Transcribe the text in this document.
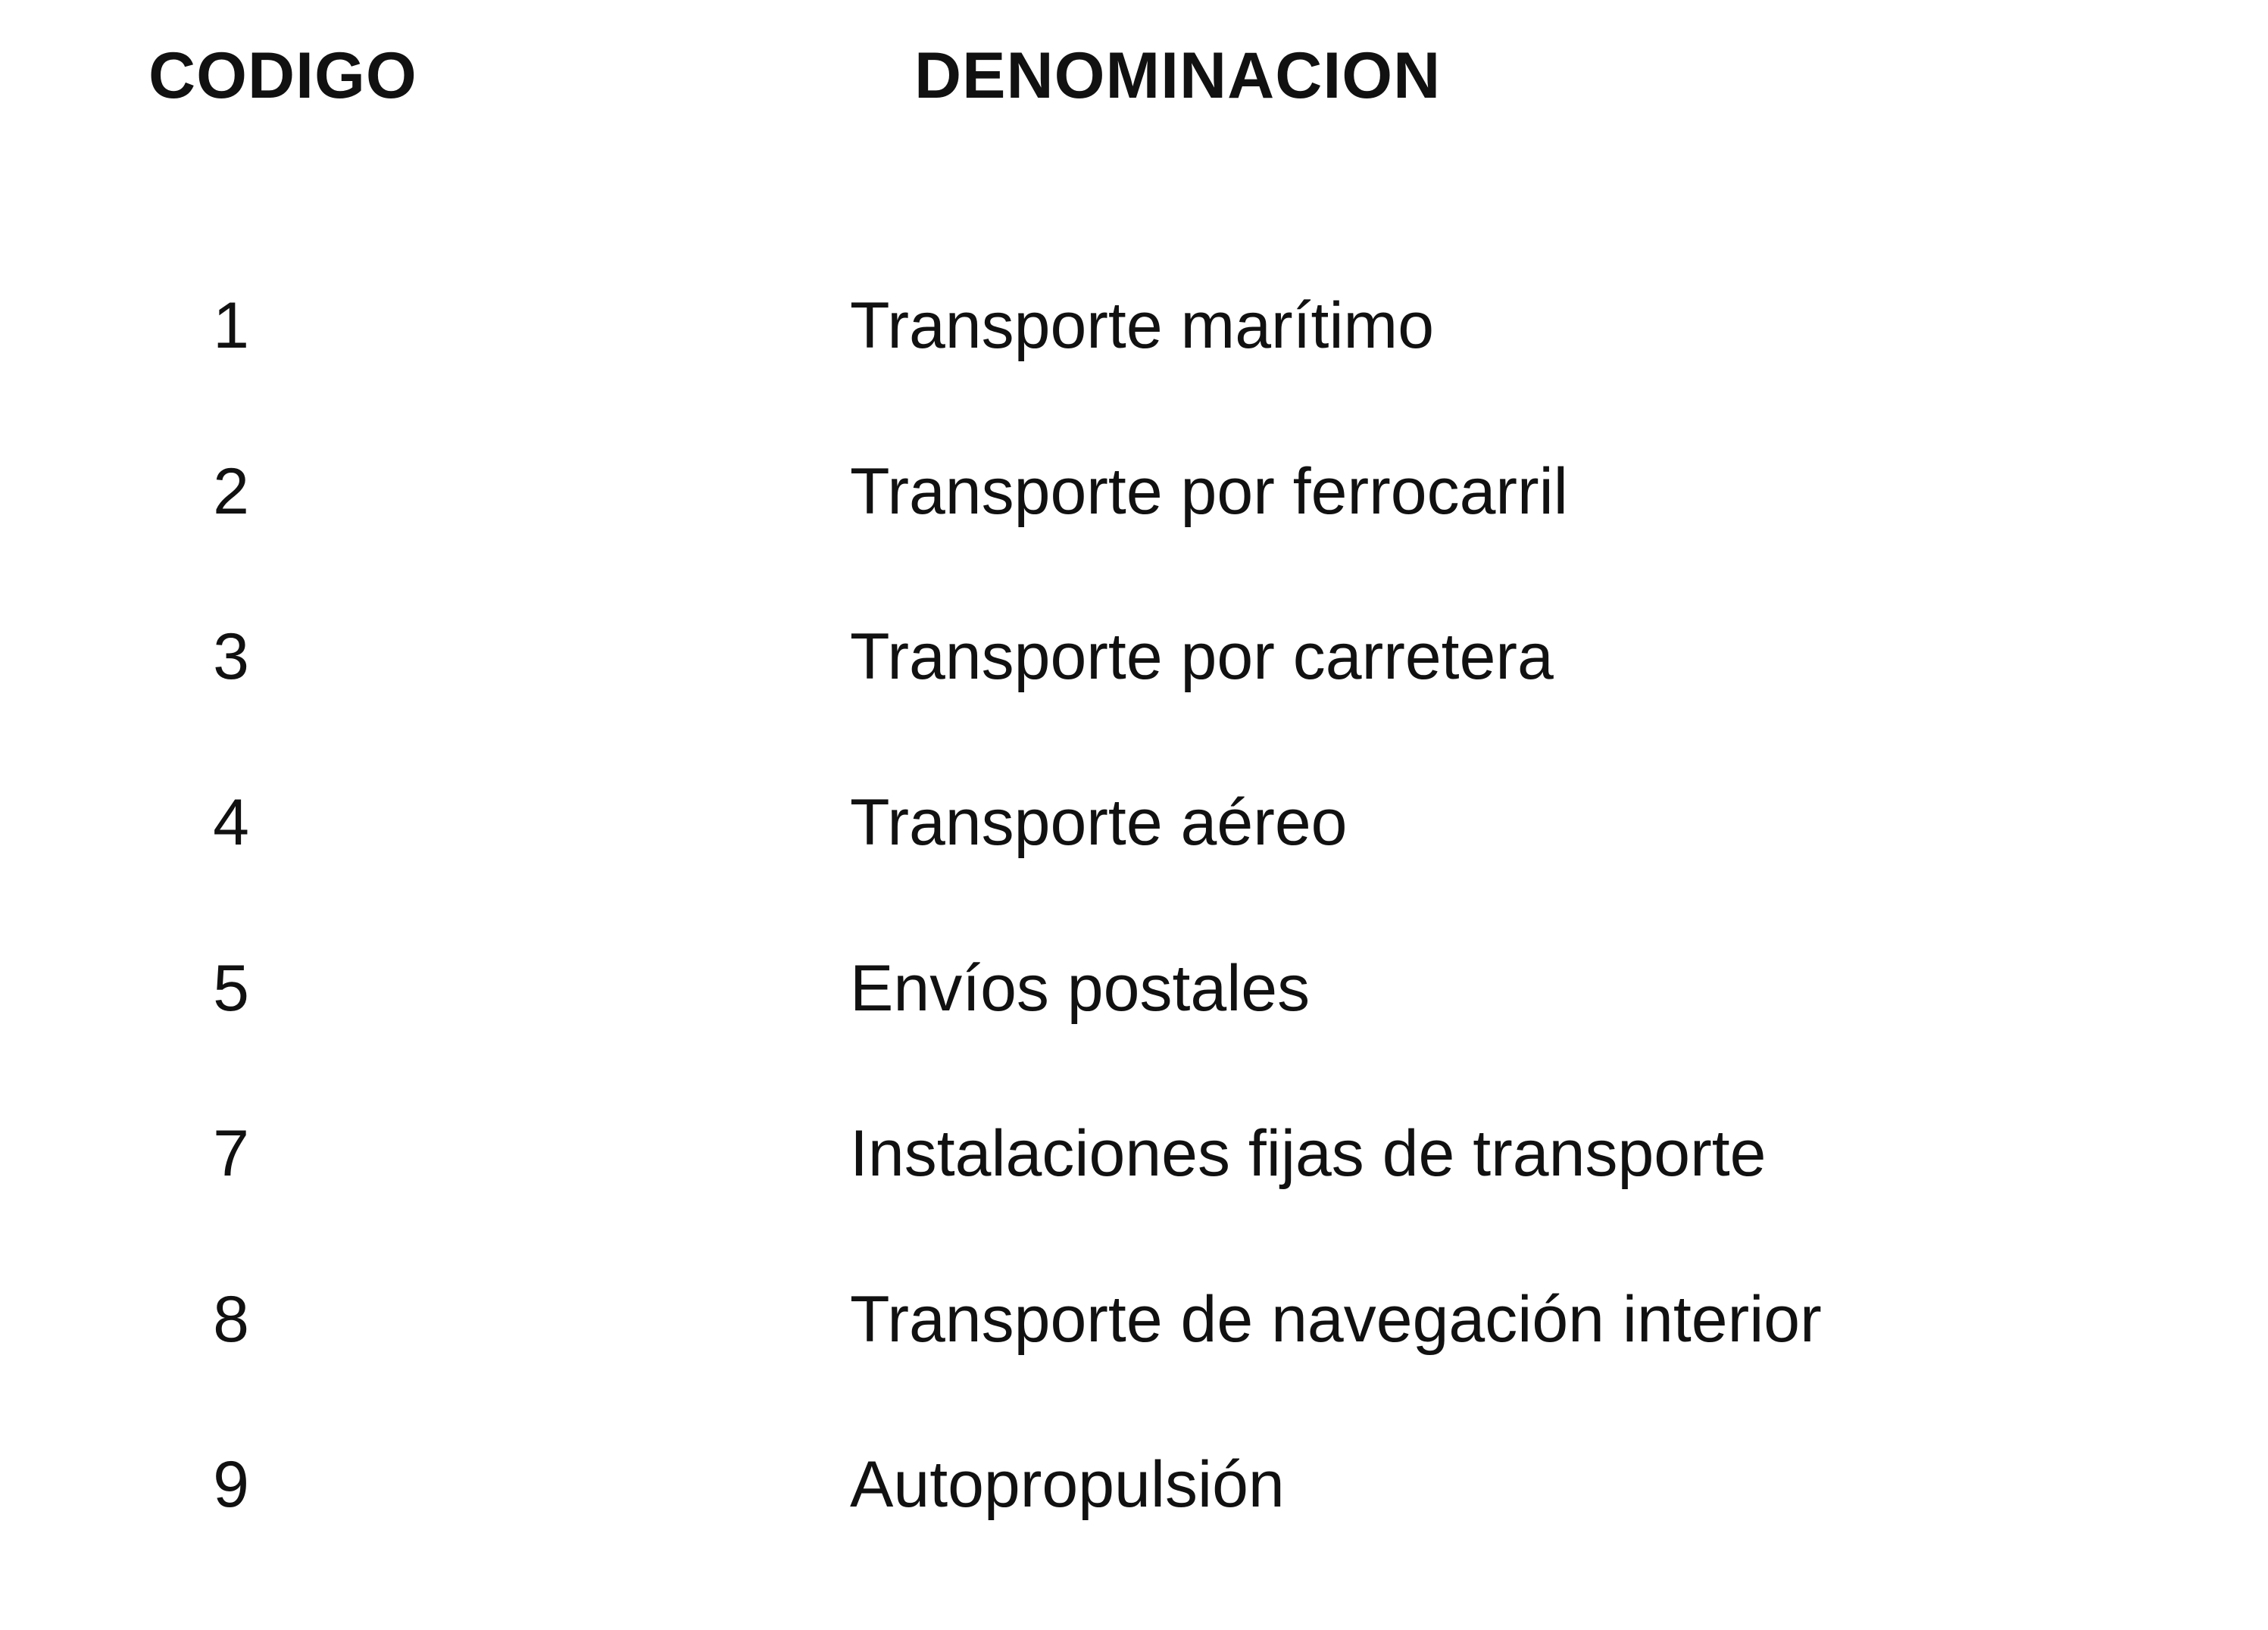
CODIGO	DENOMINACION
1	Transporte marítimo
2	Transporte por ferrocarril
3	Transporte por carretera
4	Transporte aéreo
5	Envíos postales
7	Instalaciones fijas de transporte
8	Transporte de navegación interior
9	Autopropulsión
